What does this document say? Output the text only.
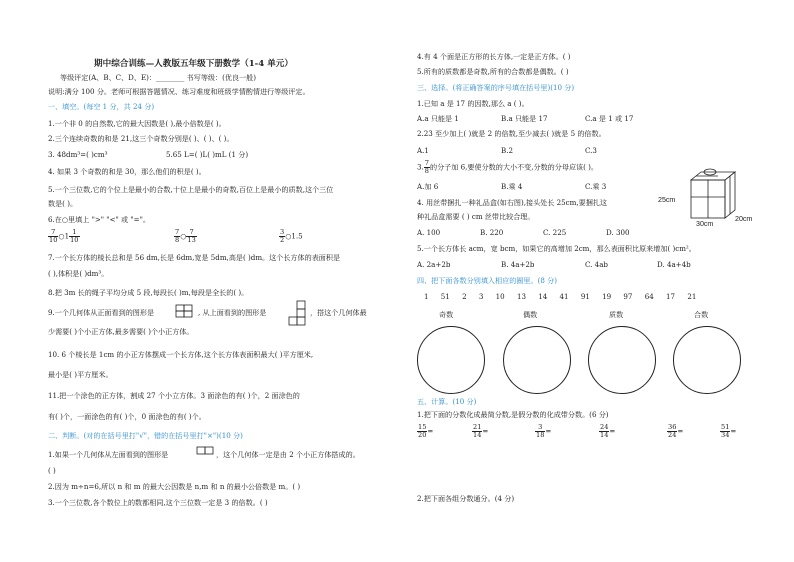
期中综合训练—人教版五年级下册数学（1-4 单元）
等级评定(A、B、C、D、E)：________ 书写等级：(优良一般)
说明:满分 100 分。老师可根据答题情况、练习难度和班级学情酌情进行等级评定。
一、填空。(每空 1 分，共 24 分)
1.一个非 0 的自然数,它的最大因数是( ),最小倍数是( )。
2.三个连续奇数的和是 21,这三个奇数分别是( )、( )、( )。
3. 48dm³=( )cm³	5.65 L=( )L( )mL (1 分)
4. 如果 3 个奇数的和是 30，那么他们的积是( )。
5.一个三位数,它的个位上是最小的合数,十位上是最小的奇数,百位上是最小的质数,这个三位
数是( )。
6.在○里填上 ">" "<" 或 "="。
$\frac{7}{10}$ ○1 $\frac{1}{10}$	$\frac{7}{8}$ ○ $\frac{7}{13}$	$\frac{3}{2}$ ○1.5
7.一个长方体的棱长总和是 56 dm,长是 6dm,宽是 5dm,高是( )dm。这个长方体的表面积是
( ),体积是( )dm³。
8.把 3m 长的绳子平均分成 5 段,每段长( )m,每段是全长的( )。
9.一个几何体从正面看到的图形是	, 从上面看到的图形是	，搭这个几何体最
少需要( )个小正方体,最多需要( )个小正方体。
10. 6 个棱长是 1cm 的小正方体摆成一个长方体,这个长方体表面积最大( )平方厘米,
最小是( )平方厘米。
11.把一个涂色的正方体，割成 27 个小立方体。3 面涂色的有( )个，2 面涂色的
有( )个，一面涂色的有( )个，0 面涂色的有( )个。
二、判断。(对的在括号里打"√"，错的在括号里打"×")(10 分)
1.如果一个几何体从左面看到的图形是	，这个几何体一定是由 2 个小正方体搭成的。
( )
2.因为 m÷n=6,所以 n 和 m 的最大公因数是 n,m 和 n 的最小公倍数是 m。( )
3.一个三位数,各个数位上的数都相同,这个三位数一定是 3 的倍数。( )
4.有 4 个面是正方形的长方体,一定是正方体。( )
5.所有的质数都是奇数,所有的合数都是偶数。( )
三、选择。(将正确答案的序号填在括号里)(10 分)
1.已知 a 是 17 的因数,那么 a ( )。
A.a 只能是 1	B.a 只能是 17	C.a 是 1 或 17
2.23 至少加上( )就是 2 的倍数,至少减去( )就是 5 的倍数。
A.1	B.2	C.3
3. $\frac{7}{8}$ 的分子加 6,要使分数的大小不变,分数的分母应该( )。
A.加 6	B.乘 4	C.乘 3
4. 用丝带捆扎一种礼品盒(如右图),接头处长 25cm,要捆扎这
种礼品盒需要 ( ) cm 丝带比较合理。
A. 100	B. 220	C. 225	D. 300
25cm
30cm
20cm
5.一个长方体长 acm，宽 bcm，如果它的高增加 2cm，那么表面积比原来增加( )cm²。
A. 2a+2b	B. 4a+2b	C. 4ab	D. 4a+4b
四、把下面各数分别填入相应的圈里。(8 分)
1 51 2 3 10 13 14 41 91 19 97 64 17 21
奇数	偶数	质数	合数
五、计算。(10 分)
1.把下面的分数化成最简分数,是假分数的化成带分数。(6 分)
$\frac{15}{20}$ =	$\frac{21}{14}$ =	$\frac{3}{18}$ =	$\frac{24}{14}$ =	$\frac{36}{24}$ =	$\frac{51}{34}$ =
2.把下面各组分数通分。(4 分)
